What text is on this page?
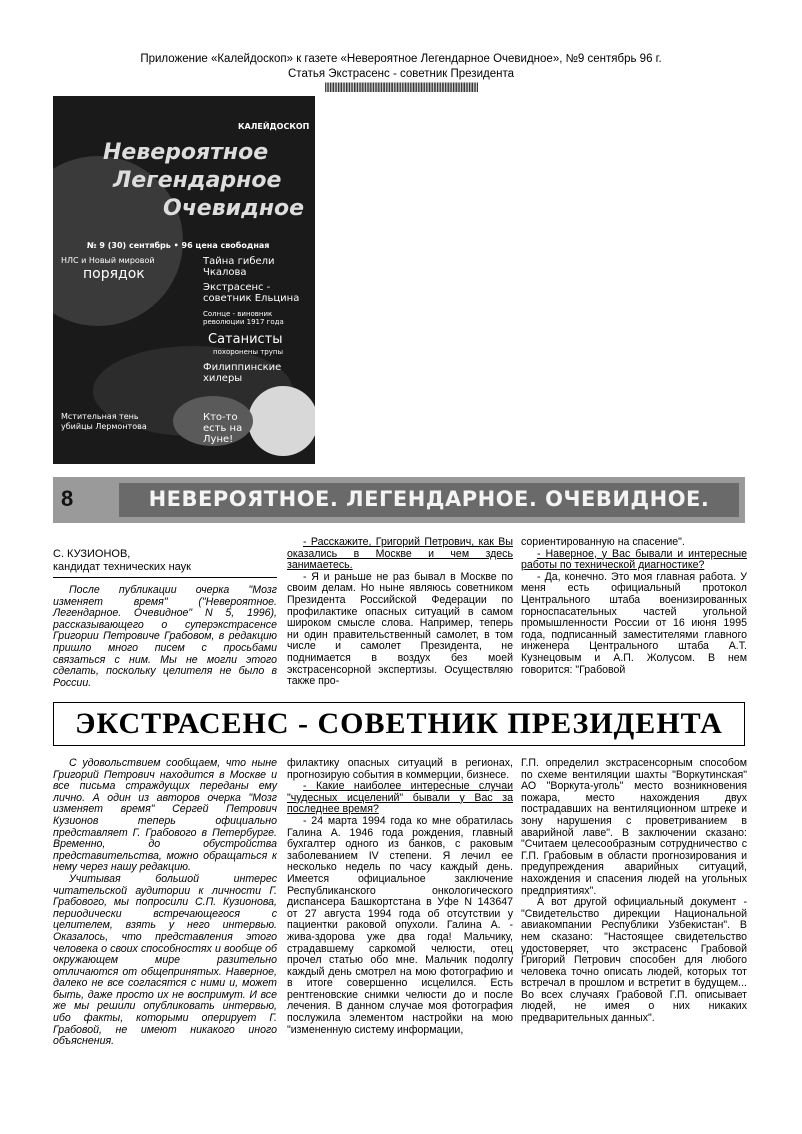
Приложение «Калейдоскоп» к газете «Невероятное Легендарное Очевидное», №9 сентябрь 96 г.
Статья Экстрасенс - советник Президента
||||||||||||||||||||||||||||||||||||||||||||||||||||||||||||||||||||||||||||||||||||||||||||||||
КАЛЕЙДОСКОП
Невероятное
Легендарное
Очевидное
№ 9 (30) сентябрь • 96 цена свободная
НЛС и Новый мировой
порядок
Мстительная тень убийцы Лермонтова
Тайна гибели Чкалова
Экстрасенс - советник Ельцина
Солнце - виновник революции 1917 года
Сатанисты
похоронены трупы
Филиппинские хилеры
Кто-то есть на Луне!
8	НЕВЕРОЯТНОЕ. ЛЕГЕНДАРНОЕ. ОЧЕВИДНОЕ.
С. КУЗИОНОВ,
кандидат технических наук

После публикации очерка "Мозг изменяет время" ("Невероятное. Легендарное. Очевидное" N 5, 1996), расcказывающего о суперэкстрасенсе Григории Петровиче Грабовом, в редакцию пришло много писем с просьбами связаться с ним. Мы не могли этого сделать, поскольку целителя не было в России.

- Расскажите, Григорий Петрович, как Вы оказались в Москве и чем здесь занимаетесь.

- Я и раньше не раз бывал в Москве по своим делам. Но ныне являюсь советником Президента Российской Федерации по профилактике опасных ситуаций в самом широком смысле слова. Например, теперь ни один правительственный самолет, в том числе и самолет Президента, не поднимается в воздух без моей экстрасенсорной экспертизы. Осуществляю также про-

сориентированную на спасение".

- Наверное, у Вас бывали и интересные работы по технической диагностике?

- Да, конечно. Это моя главная работа. У меня есть официальный протокол Центрального штаба военизированных горноспасательных частей угольной промышленности России от 16 июня 1995 года, подписанный заместителями главного инженера Центрального штаба А.Т. Кузнецовым и А.П. Жолусом. В нем говорится: "Грабовой

ЭКСТРАСЕНС - СОВЕТНИК ПРЕЗИДЕНТА

С удовольствием сообщаем, что ныне Григорий Петрович находится в Москве и все письма страждущих переданы ему лично. А один из авторов очерка "Мозг изменяет время" Сергей Петрович Кузионов теперь официально представляет Г. Грабового в Петербурге. Временно, до обустройства представительства, можно обращаться к нему через нашу редакцию.

Учитывая большой интерес читательской аудитории к личности Г. Грабового, мы попросили С.П. Кузионова, периодически встречающегося с целителем, взять у него интервью. Оказалось, что представления этого человека о своих способностях и вообще об окружающем мире разительно отличаются от общепринятых. Наверное, далеко не все согласятся с ними и, может быть, даже просто их не воспримут. И все же мы решили опубликовать интервью, ибо факты, которыми оперирует Г. Грабовой, не имеют никакого иного объяснения.

филактику опасных ситуаций в регионах, прогнозирую события в коммерции, бизнесе.

- Какие наиболее интересные случаи "чудесных исцелений" бывали у Вас за последнее время?

- 24 марта 1994 года ко мне обратилась Галина А. 1946 года рождения, главный бухгалтер одного из банков, с раковым заболеванием IV степени. Я лечил ее несколько недель по часу каждый день. Имеется официальное заключение Республиканского онкологического диспансера Башкортстана в Уфе N 143647 от 27 августа 1994 года об отсутствии у пациентки раковой опухоли. Галина А. - жива-здорова уже два года! Мальчику, страдавшему саркомой челюсти, отец прочел статью обо мне. Мальчик подолгу каждый день смотрел на мою фотографию и в итоге совершенно исцелился. Есть рентгеновские снимки челюсти до и после лечения. В данном случае моя фотография послужила элементом настройки на мою "измененную системy информации,

Г.П. определил экстрасенсорным способом по схеме вентиляции шахты "Воркутинская" АО "Воркута-уголь" место возникновения пожара, место нахождения двух пострадавших на вентиляционном штреке и зону нарушения с проветриванием в аварийной лаве". В заключении сказано: "Считаем целесообразным сотрудничество с Г.П. Грабовым в области прогнозирования и предупреждения аварийных ситуаций, нахождения и спасения людей на угольных предприятиях".

А вот другой официальный документ - "Свидетельство дирекции Национальной авиакомпании Республики Узбекистан". В нем сказано: "Настоящее свидетельство удостоверяет, что экстрасенс Грабовой Григорий Петрович способен для любого человека точно описать людей, которых тот встречал в прошлом и встретит в будущем... Во всех случаях Грабовой Г.П. описывает людей, не имея о них никаких предварительных данных".
